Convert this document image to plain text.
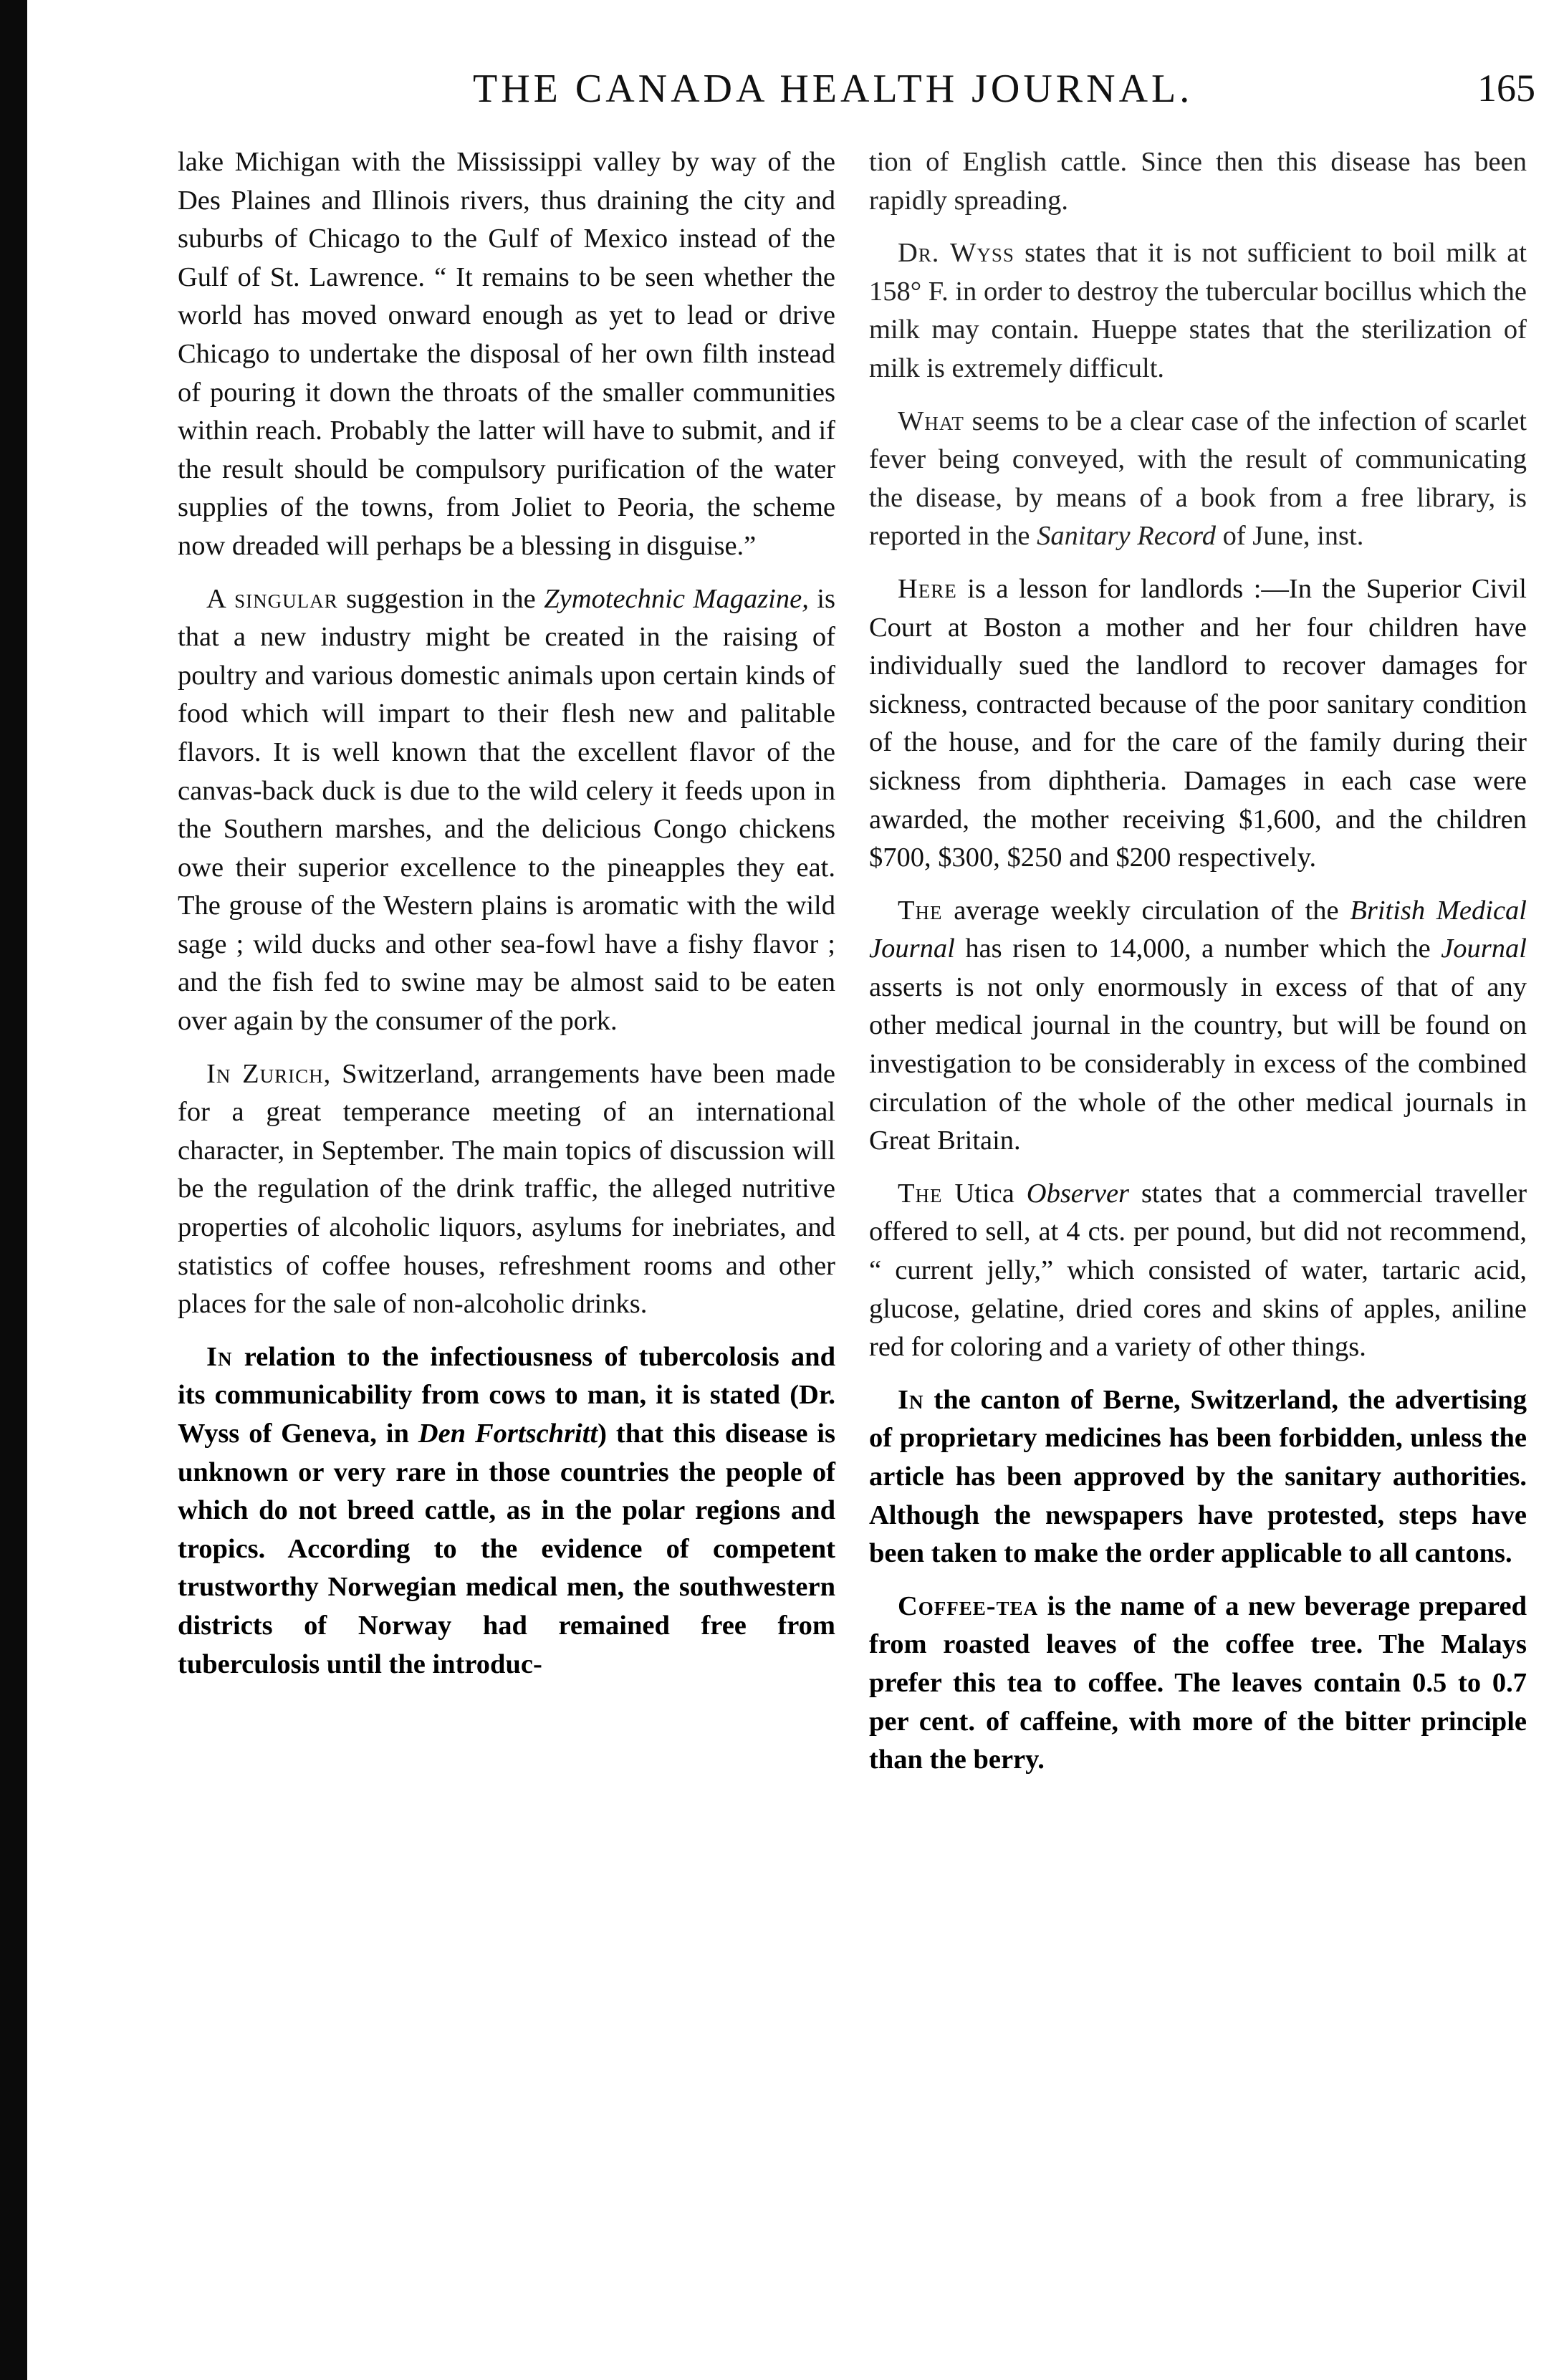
THE CANADA HEALTH JOURNAL.	165

lake Michigan with the Mississippi valley by way of the Des Plaines and Illinois rivers, thus draining the city and suburbs of Chicago to the Gulf of Mexico instead of the Gulf of St. Lawrence. “ It remains to be seen whether the world has moved onward enough as yet to lead or drive Chicago to undertake the disposal of her own filth instead of pouring it down the throats of the smaller communities within reach. Probably the latter will have to submit, and if the result should be compulsory purification of the water supplies of the towns, from Joliet to Peoria, the scheme now dreaded will perhaps be a blessing in disguise.”

A singular suggestion in the Zymotechnic Magazine, is that a new industry might be created in the raising of poultry and various domestic animals upon certain kinds of food which will impart to their flesh new and palitable flavors. It is well known that the excellent flavor of the canvas-back duck is due to the wild celery it feeds upon in the Southern marshes, and the delicious Congo chickens owe their superior excellence to the pineapples they eat. The grouse of the Western plains is aromatic with the wild sage ; wild ducks and other sea-fowl have a fishy flavor ; and the fish fed to swine may be almost said to be eaten over again by the consumer of the pork.

In Zurich, Switzerland, arrangements have been made for a great temperance meeting of an international character, in September. The main topics of discussion will be the regulation of the drink traffic, the alleged nutritive properties of alcoholic liquors, asylums for inebriates, and statistics of coffee houses, refreshment rooms and other places for the sale of non-alcoholic drinks.

In relation to the infectiousness of tubercolosis and its communicability from cows to man, it is stated (Dr. Wyss of Geneva, in Den Fortschritt) that this disease is unknown or very rare in those countries the people of which do not breed cattle, as in the polar regions and tropics. According to the evidence of competent trustworthy Norwegian medical men, the southwestern districts of Norway had remained free from tuberculosis until the introduc-

tion of English cattle. Since then this disease has been rapidly spreading.

Dr. Wyss states that it is not sufficient to boil milk at 158° F. in order to destroy the tubercular bocillus which the milk may contain. Hueppe states that the sterilization of milk is extremely difficult.

What seems to be a clear case of the infection of scarlet fever being conveyed, with the result of communicating the disease, by means of a book from a free library, is reported in the Sanitary Record of June, inst.

Here is a lesson for landlords :—In the Superior Civil Court at Boston a mother and her four children have individually sued the landlord to recover damages for sickness, contracted because of the poor sanitary condition of the house, and for the care of the family during their sickness from diphtheria. Damages in each case were awarded, the mother receiving $1,600, and the children $700, $300, $250 and $200 respectively.

The average weekly circulation of the British Medical Journal has risen to 14,000, a number which the Journal asserts is not only enormously in excess of that of any other medical journal in the country, but will be found on investigation to be considerably in excess of the combined circulation of the whole of the other medical journals in Great Britain.

The Utica Observer states that a commercial traveller offered to sell, at 4 cts. per pound, but did not recommend, “ current jelly,” which consisted of water, tartaric acid, glucose, gelatine, dried cores and skins of apples, aniline red for coloring and a variety of other things.

In the canton of Berne, Switzerland, the advertising of proprietary medicines has been forbidden, unless the article has been approved by the sanitary authorities. Although the newspapers have protested, steps have been taken to make the order applicable to all cantons.

Coffee-tea is the name of a new beverage prepared from roasted leaves of the coffee tree. The Malays prefer this tea to coffee. The leaves contain 0.5 to 0.7 per cent. of caffeine, with more of the bitter principle than the berry.
